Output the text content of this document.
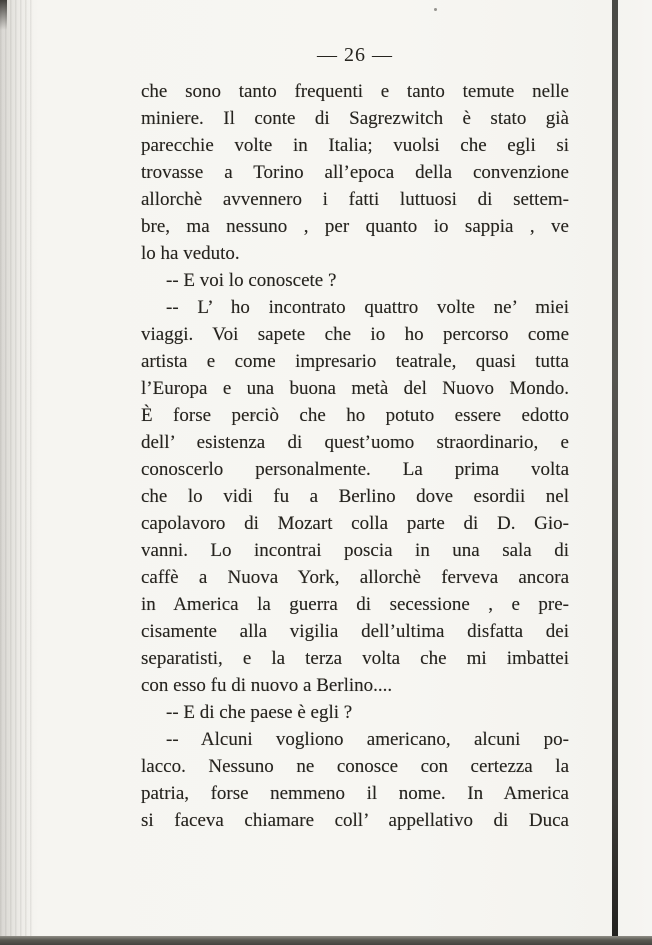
— 26 —
che sono tanto frequenti e tanto temute nelle
miniere. Il conte di Sagrezwitch è stato già
parecchie volte in Italia; vuolsi che egli si
trovasse a Torino all’epoca della convenzione
allorchè avvennero i fatti luttuosi di settem-
bre, ma nessuno , per quanto io sappia , ve
lo ha veduto.
-- E voi lo conoscete ?
-- L’ ho incontrato quattro volte ne’ miei
viaggi. Voi sapete che io ho percorso come
artista e come impresario teatrale, quasi tutta
l’Europa e una buona metà del Nuovo Mondo.
È forse perciò che ho potuto essere edotto
dell’ esistenza di quest’uomo straordinario, e
conoscerlo personalmente. La prima volta
che lo vidi fu a Berlino dove esordii nel
capolavoro di Mozart colla parte di D. Gio-
vanni. Lo incontrai poscia in una sala di
caffè a Nuova York, allorchè ferveva ancora
in America la guerra di secessione , e pre-
cisamente alla vigilia dell’ultima disfatta dei
separatisti, e la terza volta che mi imbattei
con esso fu di nuovo a Berlino....
-- E di che paese è egli ?
-- Alcuni vogliono americano, alcuni po-
lacco. Nessuno ne conosce con certezza la
patria, forse nemmeno il nome. In America
si faceva chiamare coll’ appellativo di Duca
